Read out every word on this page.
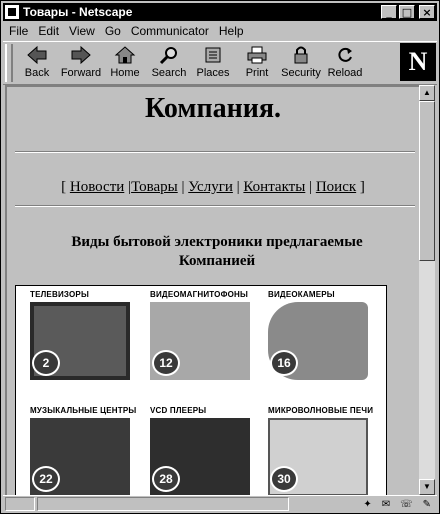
Товары - Netscape	_ □ ×
File Edit View Go Communicator Help
Back Forward Home Search Places Print Security Reload	N
Компания.
[ Новости |Товары | Услуги | Контакты | Поиск ]
Виды бытовой электроники предлагаемые Компанией
ТЕЛЕВИЗОРЫ
2
ВИДЕОМАГНИТОФОНЫ
12
ВИДЕОКАМЕРЫ
16
МУЗЫКАЛЬНЫЕ ЦЕНТРЫ
22
VCD ПЛЕЕРЫ
28
МИКРОВОЛНОВЫЕ ПЕЧИ
30
▲
▼
✦ ✉ ☏ ✎
